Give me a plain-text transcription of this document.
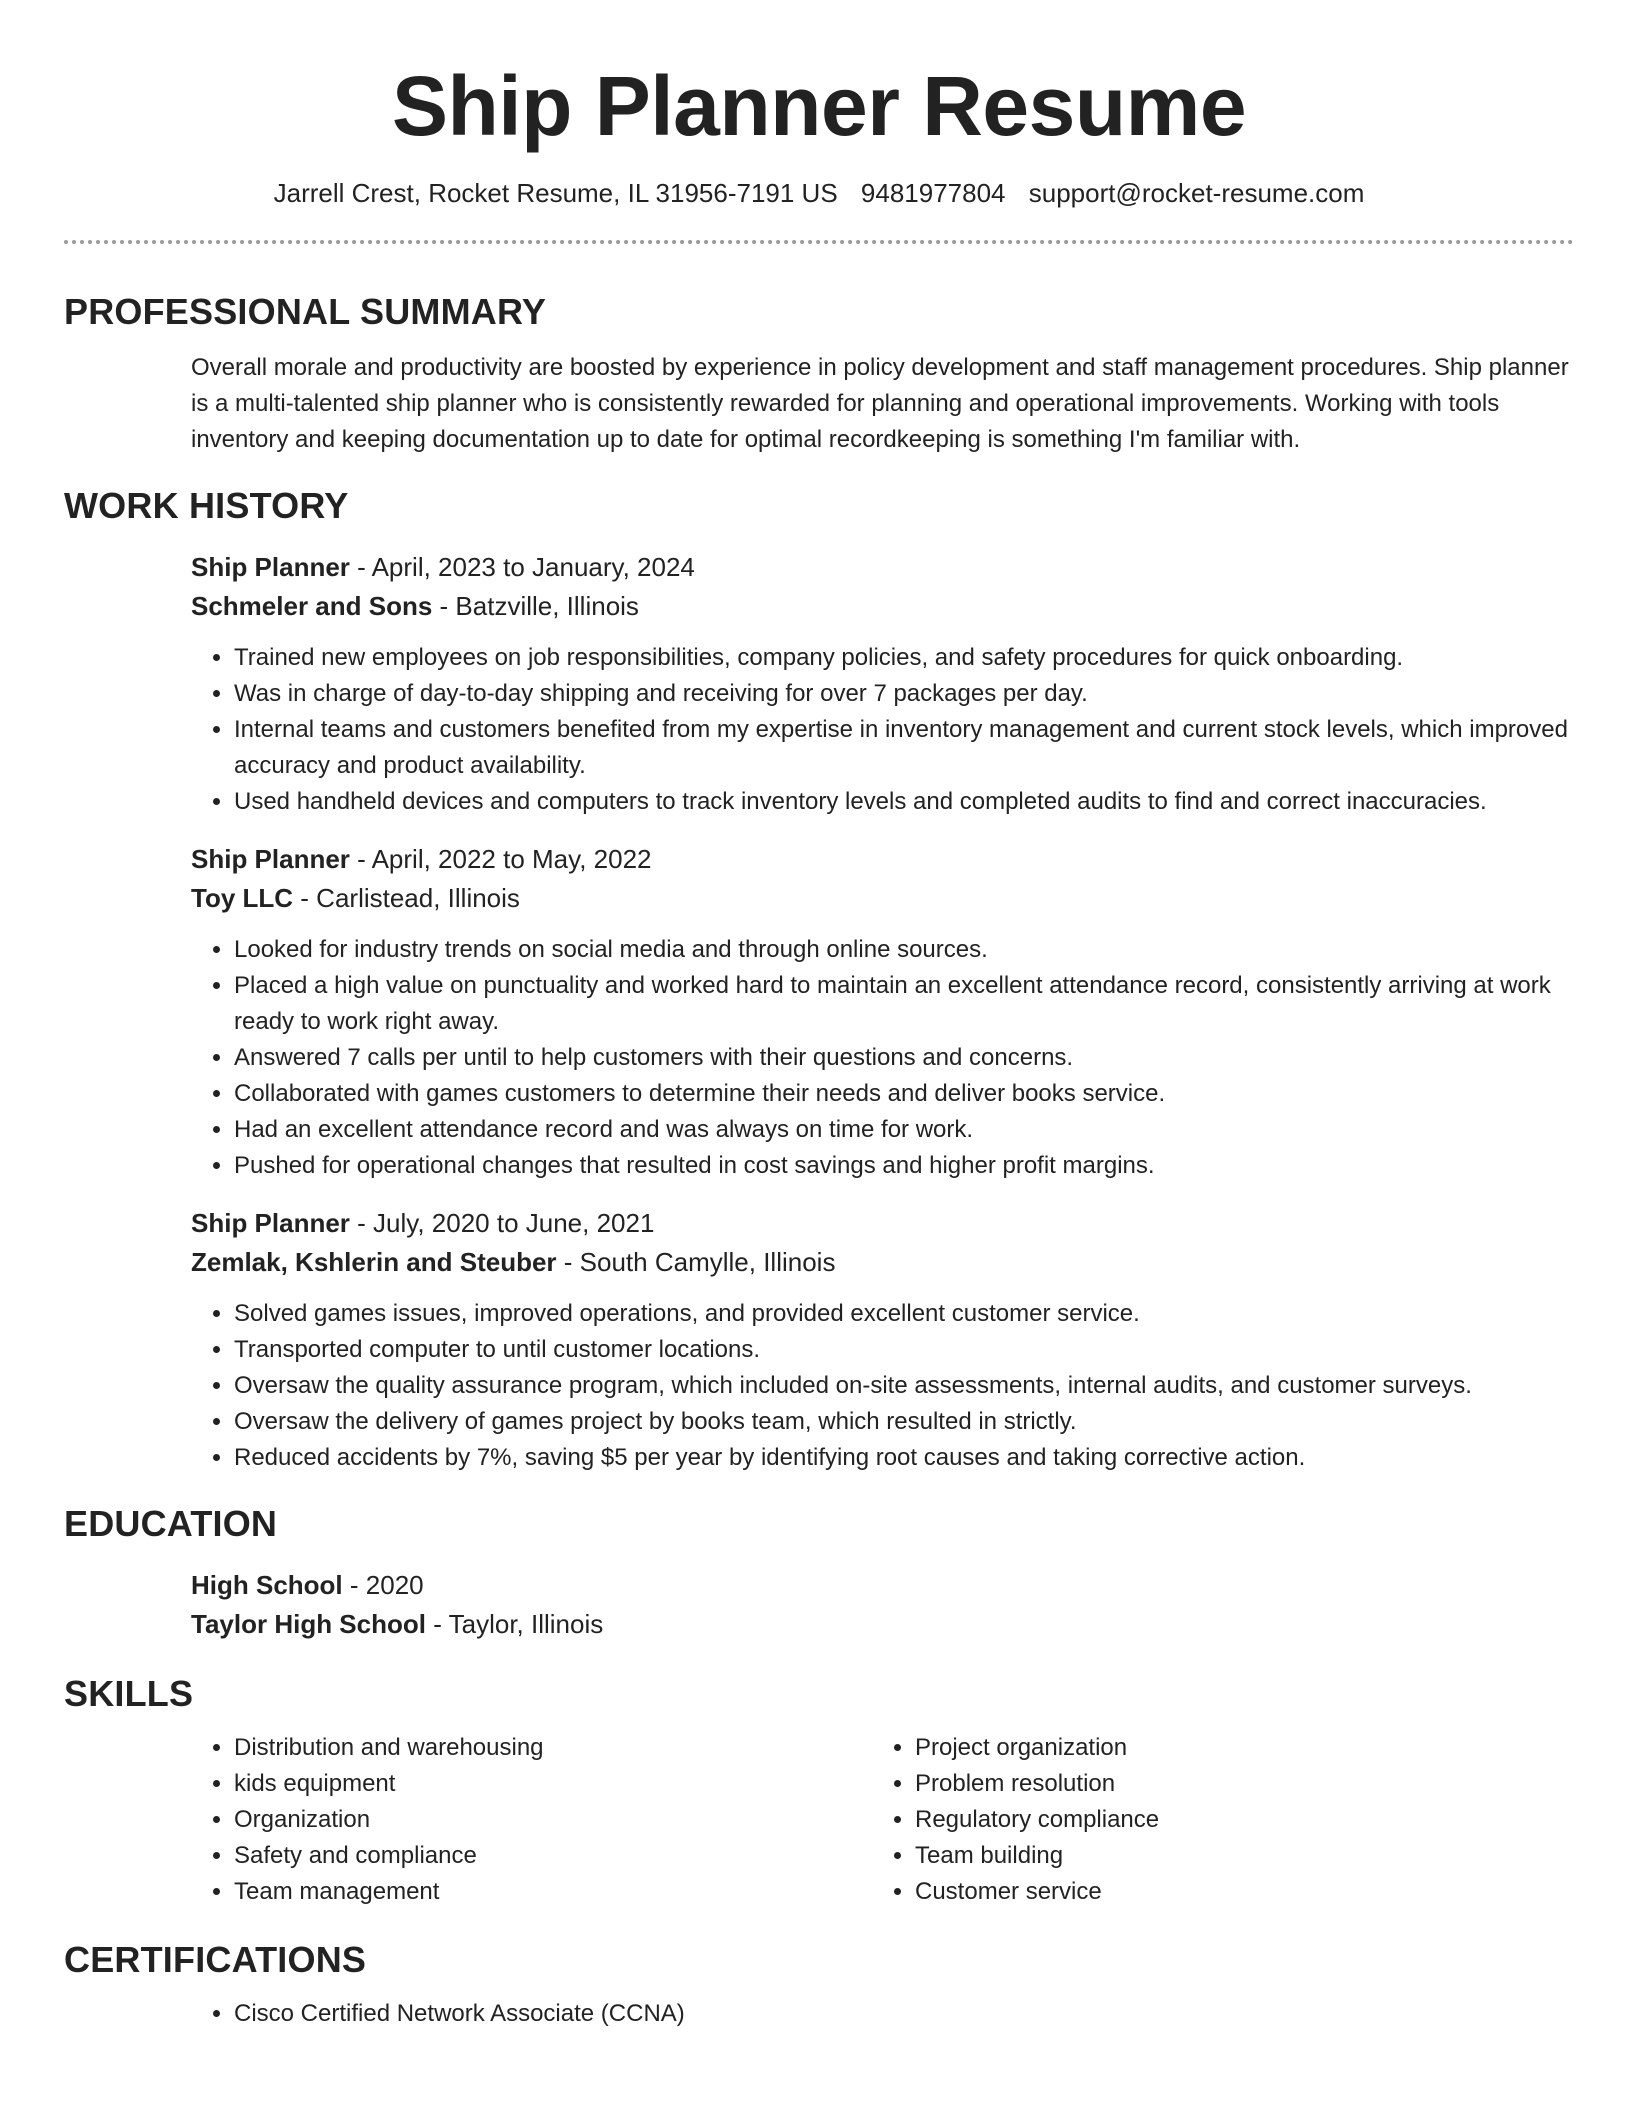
Ship Planner Resume
Jarrell Crest, Rocket Resume, IL 31956-7191 US 9481977804 support@rocket-resume.com
PROFESSIONAL SUMMARY

Overall morale and productivity are boosted by experience in policy development and staff management procedures. Ship planner is a multi-talented ship planner who is consistently rewarded for planning and operational improvements. Working with tools inventory and keeping documentation up to date for optimal recordkeeping is something I'm familiar with.

WORK HISTORY

Ship Planner - April, 2023 to January, 2024

Schmeler and Sons - Batzville, Illinois

• Trained new employees on job responsibilities, company policies, and safety procedures for quick onboarding.
• Was in charge of day-to-day shipping and receiving for over 7 packages per day.
• Internal teams and customers benefited from my expertise in inventory management and current stock levels, which improved accuracy and product availability.
• Used handheld devices and computers to track inventory levels and completed audits to find and correct inaccuracies.

Ship Planner - April, 2022 to May, 2022

Toy LLC - Carlistead, Illinois

• Looked for industry trends on social media and through online sources.
• Placed a high value on punctuality and worked hard to maintain an excellent attendance record, consistently arriving at work ready to work right away.
• Answered 7 calls per until to help customers with their questions and concerns.
• Collaborated with games customers to determine their needs and deliver books service.
• Had an excellent attendance record and was always on time for work.
• Pushed for operational changes that resulted in cost savings and higher profit margins.

Ship Planner - July, 2020 to June, 2021

Zemlak, Kshlerin and Steuber - South Camylle, Illinois

• Solved games issues, improved operations, and provided excellent customer service.
• Transported computer to until customer locations.
• Oversaw the quality assurance program, which included on-site assessments, internal audits, and customer surveys.
• Oversaw the delivery of games project by books team, which resulted in strictly.
• Reduced accidents by 7%, saving $5 per year by identifying root causes and taking corrective action.
EDUCATION

High School - 2020

Taylor High School - Taylor, Illinois

SKILLS
• Distribution and warehousing
• kids equipment
• Organization
• Safety and compliance
• Team management
• Project organization
• Problem resolution
• Regulatory compliance
• Team building
• Customer service
CERTIFICATIONS
• Cisco Certified Network Associate (CCNA)
